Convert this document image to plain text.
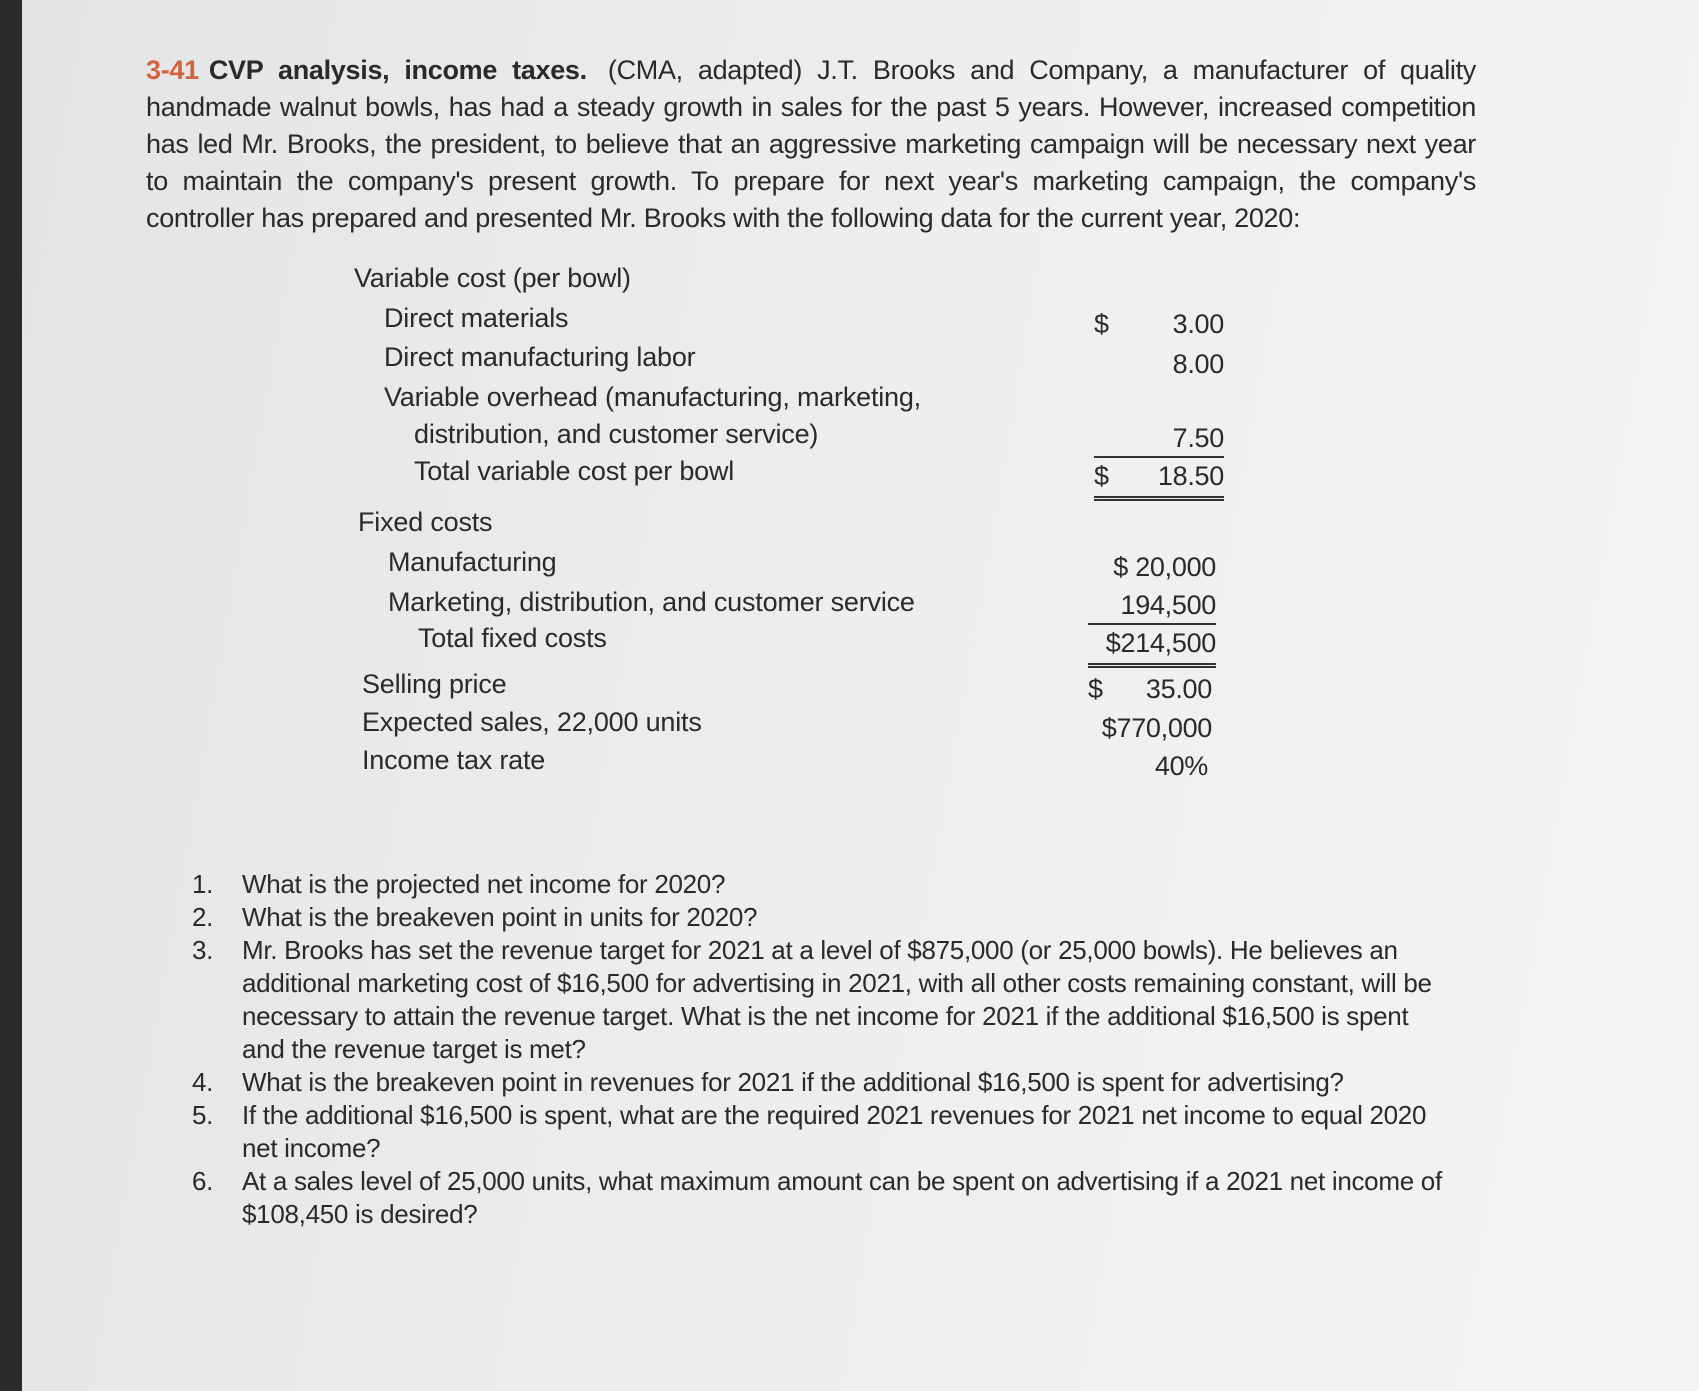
3-41 CVP analysis, income taxes. (CMA, adapted) J.T. Brooks and Company, a manufacturer of quality handmade walnut bowls, has had a steady growth in sales for the past 5 years. However, increased competition has led Mr. Brooks, the president, to believe that an aggressive marketing campaign will be necessary next year to maintain the company's present growth. To prepare for next year's marketing campaign, the company's controller has prepared and presented Mr. Brooks with the following data for the current year, 2020:

Variable cost (per bowl)
Direct materials	$ 3.00
Direct manufacturing labor	8.00
Variable overhead (manufacturing, marketing,
distribution, and customer service)	7.50
Total variable cost per bowl	$ 18.50
Fixed costs
Manufacturing	$ 20,000
Marketing, distribution, and customer service	194,500
Total fixed costs	$214,500
Selling price	$ 35.00
Expected sales, 22,000 units	$770,000
Income tax rate	40%
1. What is the projected net income for 2020?
2. What is the breakeven point in units for 2020?
3. Mr. Brooks has set the revenue target for 2021 at a level of $875,000 (or 25,000 bowls). He believes an additional marketing cost of $16,500 for advertising in 2021, with all other costs remaining constant, will be necessary to attain the revenue target. What is the net income for 2021 if the additional $16,500 is spent and the revenue target is met?
4. What is the breakeven point in revenues for 2021 if the additional $16,500 is spent for advertising?
5. If the additional $16,500 is spent, what are the required 2021 revenues for 2021 net income to equal 2020 net income?
6. At a sales level of 25,000 units, what maximum amount can be spent on advertising if a 2021 net income of $108,450 is desired?
